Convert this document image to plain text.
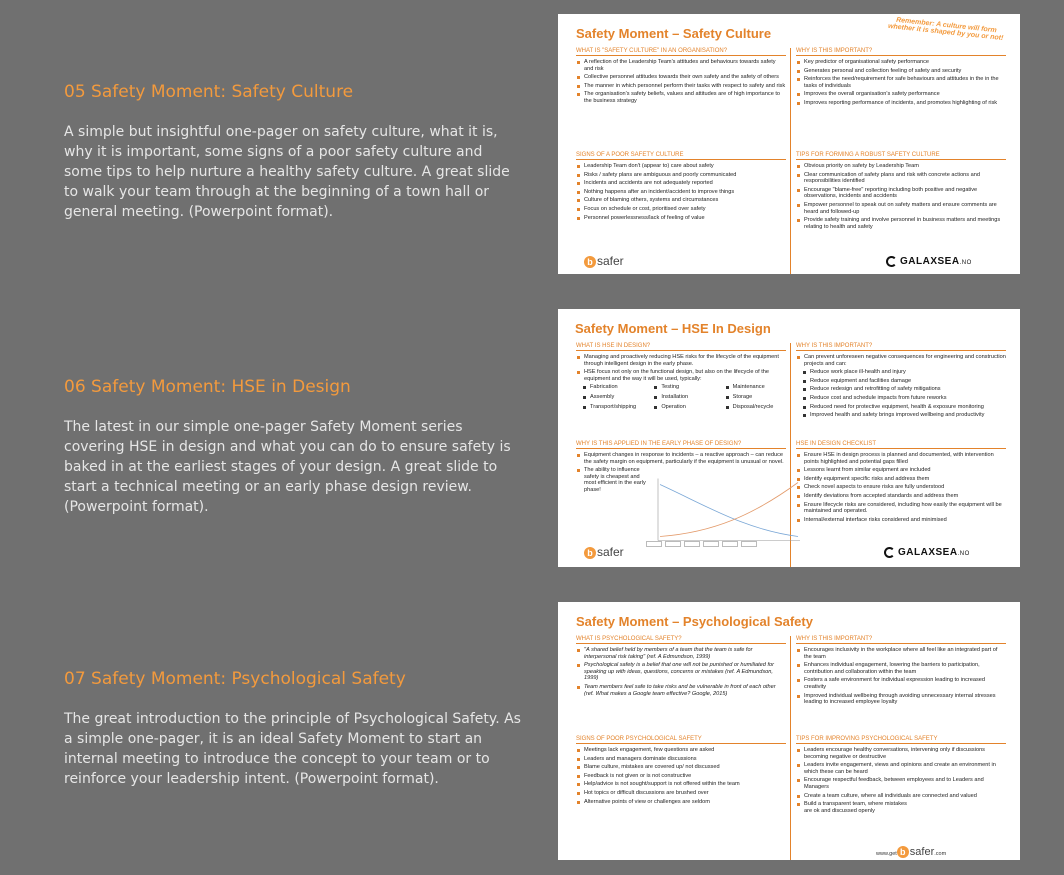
05 Safety Moment: Safety Culture
A simple but insightful one-pager on safety culture, what it is, why it is important, some signs of a poor safety culture and some tips to help nurture a healthy safety culture. A great slide to walk your team through at the beginning of a town hall or general meeting. (Powerpoint format).
06 Safety Moment: HSE in Design
The latest in our simple one-pager Safety Moment series covering HSE in design and what you can do to ensure safety is baked in at the earliest stages of your design. A great slide to start a technical meeting or an early phase design review. (Powerpoint format).
07 Safety Moment: Psychological Safety
The great introduction to the principle of Psychological Safety. As a simple one-pager, it is an ideal Safety Moment to start an internal meeting to introduce the concept to your team or to reinforce your leadership intent. (Powerpoint format).
Safety Moment – Safety Culture	Remember: A culture will form whether it is shaped by you or not!
WHAT IS "SAFETY CULTURE" IN AN ORGANISATION?
A reflection of the Leadership Team's attitudes and behaviours towards safety and risk
Collective personnel attitudes towards their own safety and the safety of others
The manner in which personnel perform their tasks with respect to safety and risk
The organisation's safety beliefs, values and attitudes are of high importance to the business strategy
WHY IS THIS IMPORTANT?
Key predictor of organisational safety performance
Generates personal and collection feeling of safety and security
Reinforces the need/requirement for safe behaviours and attitudes in the in the tasks of individuals
Improves the overall organisation's safety performance
Improves reporting performance of incidents, and promotes highlighting of risk
SIGNS OF A POOR SAFETY CULTURE
Leadership Team don't (appear to) care about safety
Risks / safety plans are ambiguous and poorly communicated
Incidents and accidents are not adequately reported
Nothing happens after an incident/accident to improve things
Culture of blaming others, systems and circumstances
Focus on schedule or cost, prioritised over safety
Personnel powerlessness/lack of feeling of value
TIPS FOR FORMING A ROBUST SAFETY CULTURE
Obvious priority on safety by Leadership Team
Clear communication of safety plans and risk with concrete actions and responsibilities identified
Encourage "blame-free" reporting including both positive and negative observations, incidents and accidents
Empower personnel to speak out on safety matters and ensure comments are heard and followed-up
Provide safety training and involve personnel in business matters and meetings relating to health and safety
b safer	GALAXSEA.NO
Safety Moment – HSE In Design
WHAT IS HSE IN DESIGN?
Managing and proactively reducing HSE risks for the lifecycle of the equipment through intelligent design in the early phase.
HSE focus not only on the functional design, but also on the lifecycle of the equipment and the way it will be used, typically:
Fabrication	Testing	Maintenance
Assembly	Installation	Storage
Transport/shipping	Operation	Disposal/recycle
WHY IS THIS IMPORTANT?
Can prevent unforeseen negative consequences for engineering and construction projects and can:
Reduce work place ill-health and injury
Reduce equipment and facilities damage
Reduce redesign and retrofitting of safety mitigations
Reduce cost and schedule impacts from future reworks
Reduced need for protective equipment, health & exposure monitoring
Improved health and safety brings improved wellbeing and productivity
WHY IS THIS APPLIED IN THE EARLY PHASE OF DESIGN?
Equipment changes in response to incidents – a reactive approach – can reduce the safety margin on equipment, particularly if the equipment is unusual or novel.
The ability to influence safety is cheapest and most efficient in the early phase!
HSE IN DESIGN CHECKLIST
Ensure HSE in design process is planned and documented, with intervention points highlighted and potential gaps filled
Lessons learnt from similar equipment are included
Identify equipment specific risks and address them
Check novel aspects to ensure risks are fully understood
Identify deviations from accepted standards and address them
Ensure lifecycle risks are considered, including how easily the equipment will be maintained and operated.
Internal/external interface risks considered and minimised
b safer	GALAXSEA.NO
Safety Moment – Psychological Safety
WHAT IS PSYCHOLOGICAL SAFETY?
"A shared belief held by members of a team that the team is safe for interpersonal risk taking" (ref. A Edmundson, 1999)
Psychological safety is a belief that one will not be punished or humiliated for speaking up with ideas, questions, concerns or mistakes (ref. A Edmundson, 1999)
Team members feel safe to take risks and be vulnerable in front of each other (ref. What makes a Google team effective? Google, 2015)
WHY IS THIS IMPORTANT?
Encourages inclusivity in the workplace where all feel like an integrated part of the team
Enhances individual engagement, lowering the barriers to participation, contribution and collaboration within the team
Fosters a safe environment for individual expression leading to increased creativity
Improved individual wellbeing through avoiding unnecessary internal stresses leading to increased employee loyalty
SIGNS OF POOR PSYCHOLOGICAL SAFETY
Meetings lack engagement, few questions are asked
Leaders and managers dominate discussions
Blame culture, mistakes are covered up/ not discussed
Feedback is not given or is not constructive
Help/advice is not sought/support is not offered within the team
Hot topics or difficult discussions are brushed over
Alternative points of view or challenges are seldom
TIPS FOR IMPROVING PSYCHOLOGICAL SAFETY
Leaders encourage healthy conversations, intervening only if discussions becoming negative or destructive
Leaders invite engagement, views and opinions and create an environment in which these can be heard
Encourage respectful feedback, between employees and to Leaders and Managers
Create a team culture, where all individuals are connected and valued
Build a transparent team, where mistakes are ok and discussed openly
www.get b safer.com
